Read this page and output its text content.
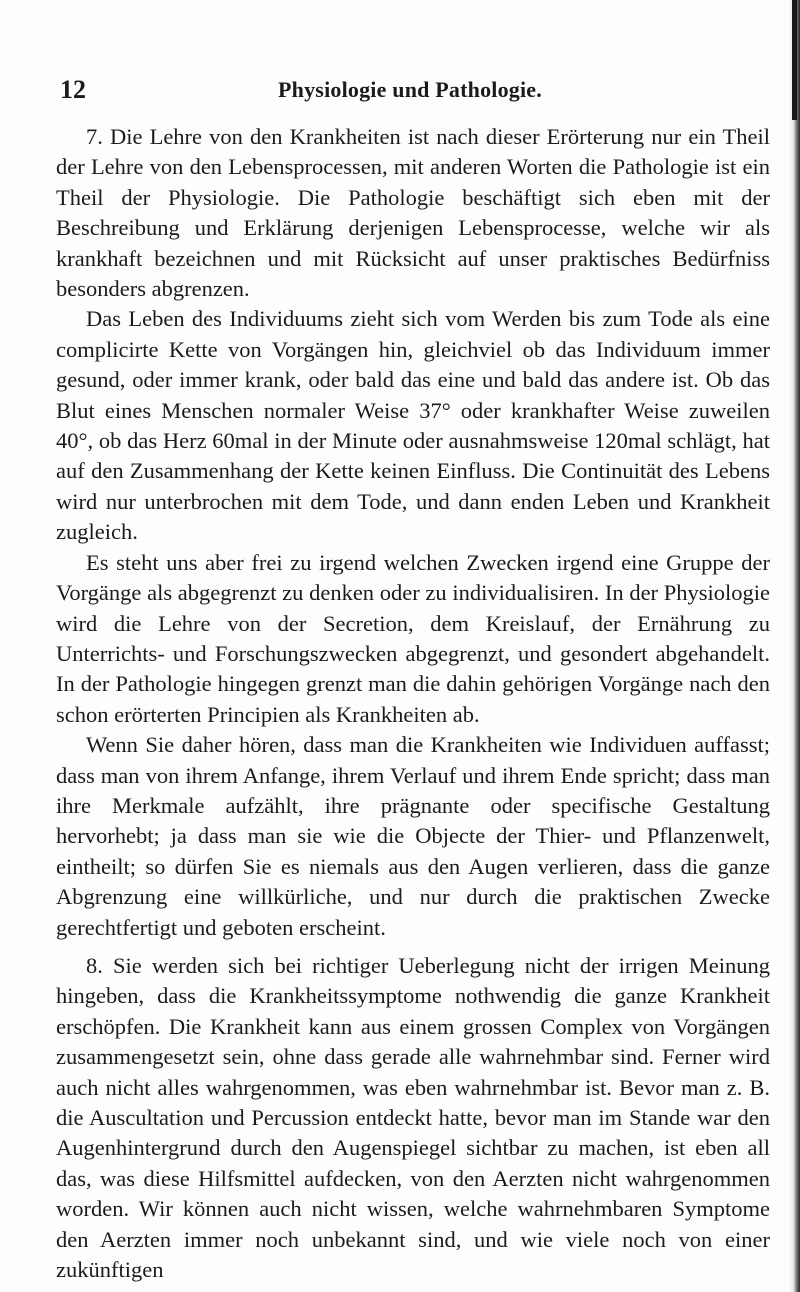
12	Physiologie und Pathologie.

7. Die Lehre von den Krankheiten ist nach dieser Erörterung nur ein Theil der Lehre von den Lebensprocessen, mit anderen Worten die Pathologie ist ein Theil der Physiologie. Die Pathologie beschäftigt sich eben mit der Beschreibung und Erklärung derjenigen Lebensprocesse, welche wir als krankhaft bezeichnen und mit Rücksicht auf unser praktisches Bedürfniss besonders abgrenzen.

Das Leben des Individuums zieht sich vom Werden bis zum Tode als eine complicirte Kette von Vorgängen hin, gleichviel ob das Individuum immer gesund, oder immer krank, oder bald das eine und bald das andere ist. Ob das Blut eines Menschen normaler Weise 37° oder krankhafter Weise zuweilen 40°, ob das Herz 60mal in der Minute oder ausnahmsweise 120mal schlägt, hat auf den Zusammenhang der Kette keinen Einfluss. Die Continuität des Lebens wird nur unterbrochen mit dem Tode, und dann enden Leben und Krankheit zugleich.

Es steht uns aber frei zu irgend welchen Zwecken irgend eine Gruppe der Vorgänge als abgegrenzt zu denken oder zu individualisiren. In der Physiologie wird die Lehre von der Secretion, dem Kreislauf, der Ernährung zu Unterrichts- und Forschungszwecken abgegrenzt, und gesondert abgehandelt. In der Pathologie hingegen grenzt man die dahin gehörigen Vorgänge nach den schon erörterten Principien als Krankheiten ab.

Wenn Sie daher hören, dass man die Krankheiten wie Individuen auffasst; dass man von ihrem Anfange, ihrem Verlauf und ihrem Ende spricht; dass man ihre Merkmale aufzählt, ihre prägnante oder specifische Gestaltung hervorhebt; ja dass man sie wie die Objecte der Thier- und Pflanzenwelt, eintheilt; so dürfen Sie es niemals aus den Augen verlieren, dass die ganze Abgrenzung eine willkürliche, und nur durch die praktischen Zwecke gerechtfertigt und geboten erscheint.

8. Sie werden sich bei richtiger Ueberlegung nicht der irrigen Meinung hingeben, dass die Krankheitssymptome nothwendig die ganze Krankheit erschöpfen. Die Krankheit kann aus einem grossen Complex von Vorgängen zusammengesetzt sein, ohne dass gerade alle wahrnehmbar sind. Ferner wird auch nicht alles wahrgenommen, was eben wahrnehmbar ist. Bevor man z. B. die Auscultation und Percussion entdeckt hatte, bevor man im Stande war den Augenhintergrund durch den Augenspiegel sichtbar zu machen, ist eben all das, was diese Hilfsmittel aufdecken, von den Aerzten nicht wahrgenommen worden. Wir können auch nicht wissen, welche wahrnehmbaren Symptome den Aerzten immer noch unbekannt sind, und wie viele noch von einer zukünftigen
